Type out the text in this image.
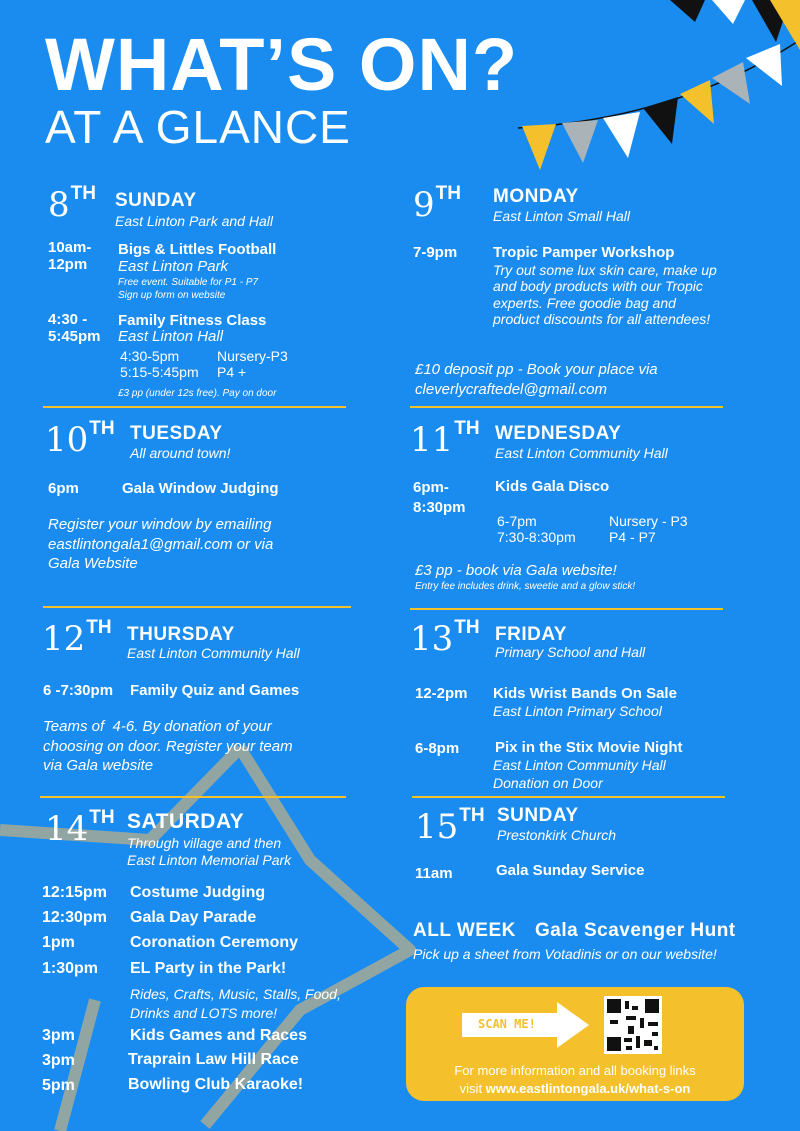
WHAT’S ON?
AT A GLANCE
8TH SUNDAY
East Linton Park and Hall
10am-
12pm
Bigs & Littles Football
East Linton Park
Free event. Suitable for P1 - P7
Sign up form on website
4:30 -
5:45pm
Family Fitness Class
East Linton Hall
4:30-5pm	Nursery-P3
5:15-5:45pm P4 +
£3 pp (under 12s free). Pay on door
9TH MONDAY
East Linton Small Hall
7-9pm Tropic Pamper Workshop
Try out some lux skin care, make up
and body products with our Tropic
experts. Free goodie bag and
product discounts for all attendees!
£10 deposit pp - Book your place via
cleverlycraftedel@gmail.com
10TH TUESDAY
All around town!
6pm	Gala Window Judging
Register your window by emailing
eastlintongala1@gmail.com or via
Gala Website
11TH WEDNESDAY
East Linton Community Hall
6pm-
8:30pm
Kids Gala Disco
6-7pm	Nursery - P3
7:30-8:30pm P4 - P7
£3 pp - book via Gala website!
Entry fee includes drink, sweetie and a glow stick!
12TH THURSDAY
East Linton Community Hall
6 -7:30pm Family Quiz and Games
Teams of  4-6. By donation of your
choosing on door. Register your team
via Gala website
13TH FRIDAY
Primary School and Hall
12-2pm Kids Wrist Bands On Sale
East Linton Primary School
6-8pm Pix in the Stix Movie Night
East Linton Community Hall
Donation on Door
14TH SATURDAY
Through village and then
East Linton Memorial Park
12:15pm Costume Judging
12:30pm Gala Day Parade
1pm	Coronation Ceremony
1:30pm EL Party in the Park!
Rides, Crafts, Music, Stalls, Food,
Drinks and LOTS more!
3pm	Kids Games and Races
3pm	Traprain Law Hill Race
5pm	Bowling Club Karaoke!
15TH SUNDAY
Prestonkirk Church
11am	Gala Sunday Service
ALL WEEK Gala Scavenger Hunt
Pick up a sheet from Votadinis or on our website!
SCAN ME!
For more information and all booking links
visit www.eastlintongala.uk/what-s-on
